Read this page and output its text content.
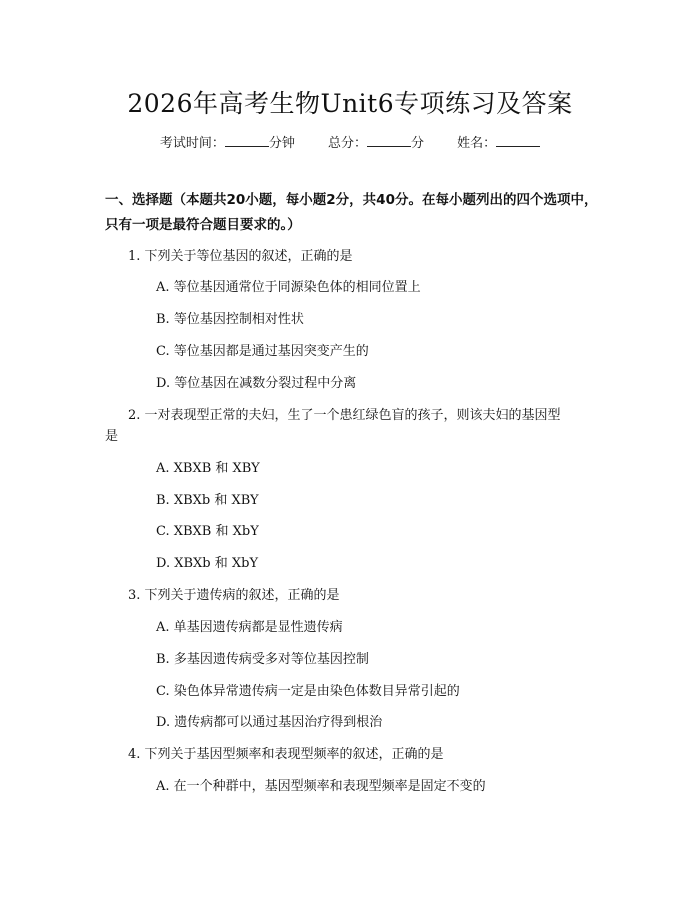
2026年高考生物Unit6专项练习及答案
考试时间：	分钟	总分：	分	姓名：
一、选择题（本题共20小题，每小题2分，共40分。在每小题列出的四个选项中，只有一项是最符合题目要求的。）
1. 下列关于等位基因的叙述，正确的是
A. 等位基因通常位于同源染色体的相同位置上
B. 等位基因控制相对性状
C. 等位基因都是通过基因突变产生的
D. 等位基因在减数分裂过程中分离
2. 一对表现型正常的夫妇，生了一个患红绿色盲的孩子，则该夫妇的基因型
是
A. XBXB 和 XBY
B. XBXb 和 XBY
C. XBXB 和 XbY
D. XBXb 和 XbY
3. 下列关于遗传病的叙述，正确的是
A. 单基因遗传病都是显性遗传病
B. 多基因遗传病受多对等位基因控制
C. 染色体异常遗传病一定是由染色体数目异常引起的
D. 遗传病都可以通过基因治疗得到根治
4. 下列关于基因型频率和表现型频率的叙述，正确的是
A. 在一个种群中，基因型频率和表现型频率是固定不变的
